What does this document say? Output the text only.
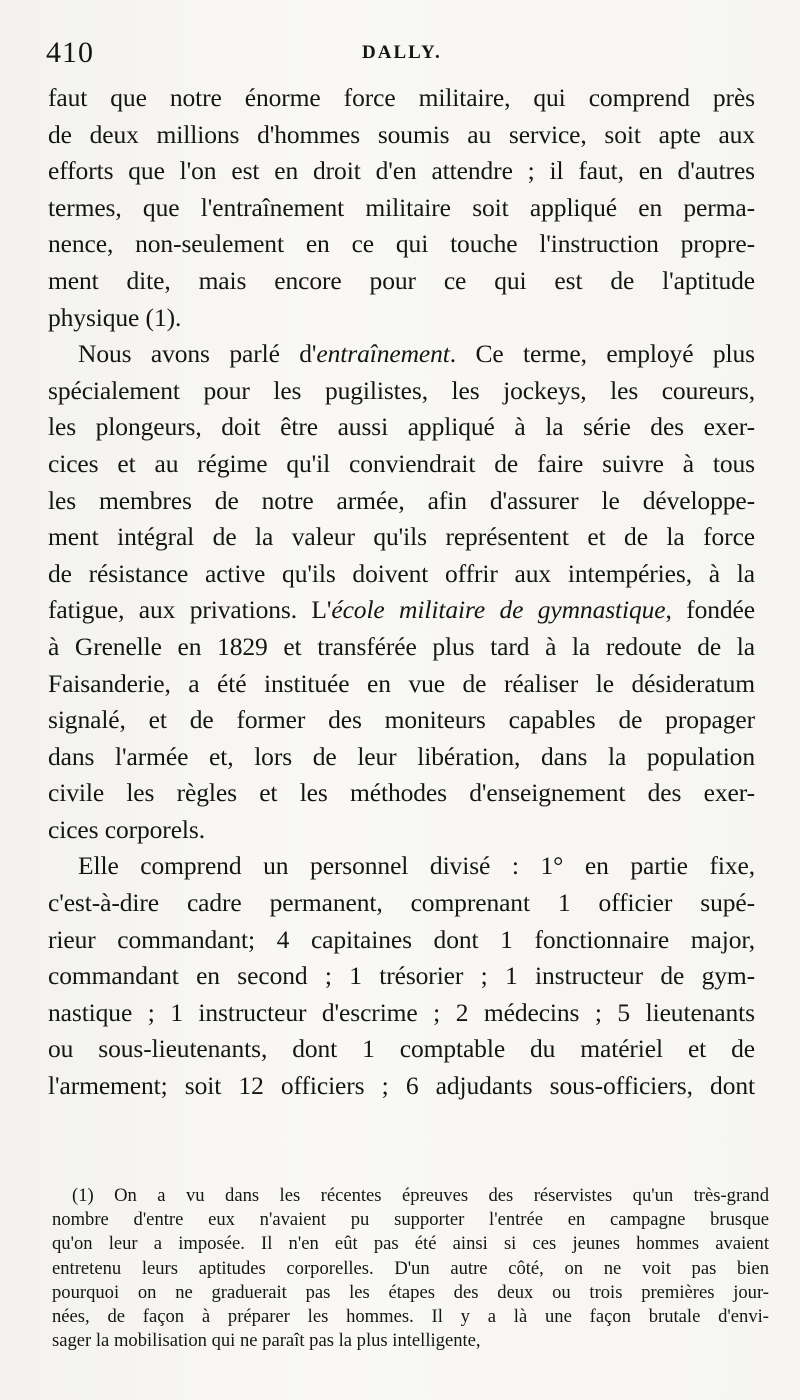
410	DALLY.
faut que notre énorme force militaire, qui comprend près
de deux millions d'hommes soumis au service, soit apte aux
efforts que l'on est en droit d'en attendre ; il faut, en d'autres
termes, que l'entraînement militaire soit appliqué en perma-
nence, non-seulement en ce qui touche l'instruction propre-
ment dite, mais encore pour ce qui est de l'aptitude
physique (1).
Nous avons parlé d'entraînement. Ce terme, employé plus
spécialement pour les pugilistes, les jockeys, les coureurs,
les plongeurs, doit être aussi appliqué à la série des exer-
cices et au régime qu'il conviendrait de faire suivre à tous
les membres de notre armée, afin d'assurer le développe-
ment intégral de la valeur qu'ils représentent et de la force
de résistance active qu'ils doivent offrir aux intempéries, à la
fatigue, aux privations. L'école militaire de gymnastique, fondée
à Grenelle en 1829 et transférée plus tard à la redoute de la
Faisanderie, a été instituée en vue de réaliser le désideratum
signalé, et de former des moniteurs capables de propager
dans l'armée et, lors de leur libération, dans la population
civile les règles et les méthodes d'enseignement des exer-
cices corporels.
Elle comprend un personnel divisé : 1° en partie fixe,
c'est-à-dire cadre permanent, comprenant 1 officier supé-
rieur commandant; 4 capitaines dont 1 fonctionnaire major,
commandant en second ; 1 trésorier ; 1 instructeur de gym-
nastique ; 1 instructeur d'escrime ; 2 médecins ; 5 lieutenants
ou sous-lieutenants, dont 1 comptable du matériel et de
l'armement; soit 12 officiers ; 6 adjudants sous-officiers, dont
(1) On a vu dans les récentes épreuves des réservistes qu'un très-grand
nombre d'entre eux n'avaient pu supporter l'entrée en campagne brusque
qu'on leur a imposée. Il n'en eût pas été ainsi si ces jeunes hommes avaient
entretenu leurs aptitudes corporelles. D'un autre côté, on ne voit pas bien
pourquoi on ne graduerait pas les étapes des deux ou trois premières jour-
nées, de façon à préparer les hommes. Il y a là une façon brutale d'envi-
sager la mobilisation qui ne paraît pas la plus intelligente,
